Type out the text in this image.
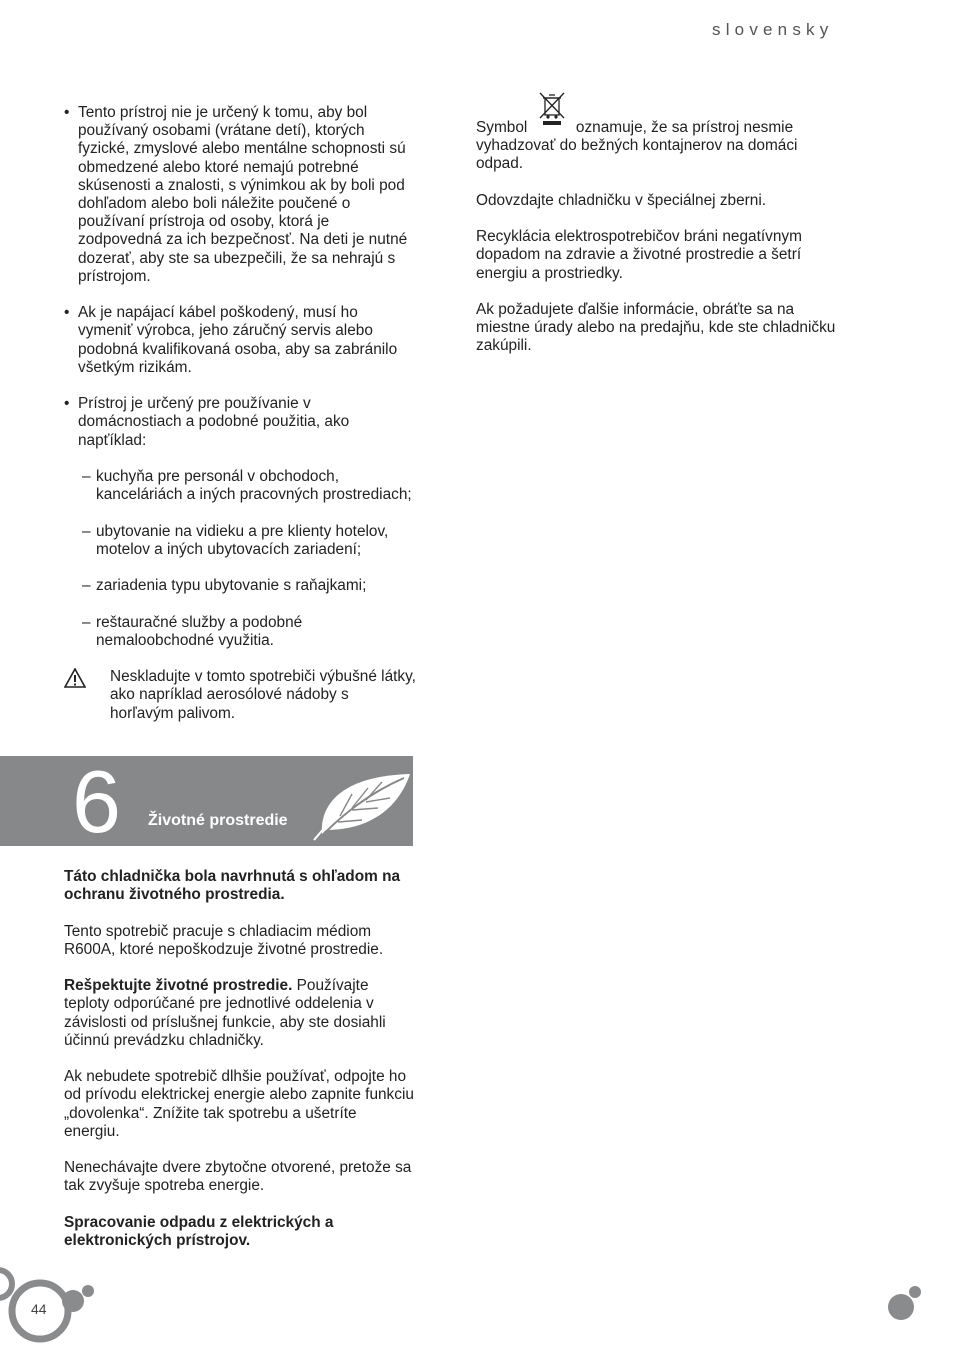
slovensky
• Tento prístroj nie je určený k tomu, aby bol používaný osobami (vrátane detí), ktorých fyzické, zmyslové alebo mentálne schopnosti sú obmedzené alebo ktoré nemajú potrebné skúsenosti a znalosti, s výnimkou ak by boli pod dohľadom alebo boli náležite poučené o používaní prístroja od osoby, ktorá je zodpovedná za ich bezpečnosť. Na deti je nutné dozerať, aby ste sa ubezpečili, že sa nehrajú s prístrojom.
• Ak je napájací kábel poškodený, musí ho vymeniť výrobca, jeho záručný servis alebo podobná kvalifikovaná osoba, aby sa zabránilo všetkým rizikám.
• Prístroj je určený pre používanie v domácnostiach a podobné použitia, ako napťíklad:
– kuchyňa pre personál v obchodoch, kanceláriách a iných pracovných prostrediach;
– ubytovanie na vidieku a pre klienty hotelov, motelov a iných ubytovacích zariadení;
– zariadenia typu ubytovanie s raňajkami;
– reštauračné služby a podobné nemaloobchodné využitia.
Neskladujte v tomto spotrebiči výbušné látky, ako napríklad aerosólové nádoby s horľavým palivom.
6 Životné prostredie

Táto chladnička bola navrhnutá s ohľadom na ochranu životného prostredia.

Tento spotrebič pracuje s chladiacim médiom R600A, ktoré nepoškodzuje životné prostredie.

Rešpektujte životné prostredie. Používajte teploty odporúčané pre jednotlivé oddelenia v závislosti od príslušnej funkcie, aby ste dosiahli účinnú prevádzku chladničky.

Ak nebudete spotrebič dlhšie používať, odpojte ho od prívodu elektrickej energie alebo zapnite funkciu „dovolenka“. Znížite tak spotrebu a ušetríte energiu.

Nenechávajte dvere zbytočne otvorené, pretože sa tak zvyšuje spotreba energie.

Spracovanie odpadu z elektrických a elektronických prístrojov.

Symbol	oznamuje, že sa prístroj nesmie vyhadzovať do bežných kontajnerov na domáci odpad.

Odovzdajte chladničku v špeciálnej zberni.

Recyklácia elektrospotrebičov bráni negatívnym dopadom na zdravie a životné prostredie a šetrí energiu a prostriedky.

Ak požadujete ďalšie informácie, obráťte sa na miestne úrady alebo na predajňu, kde ste chladničku zakúpili.

44
